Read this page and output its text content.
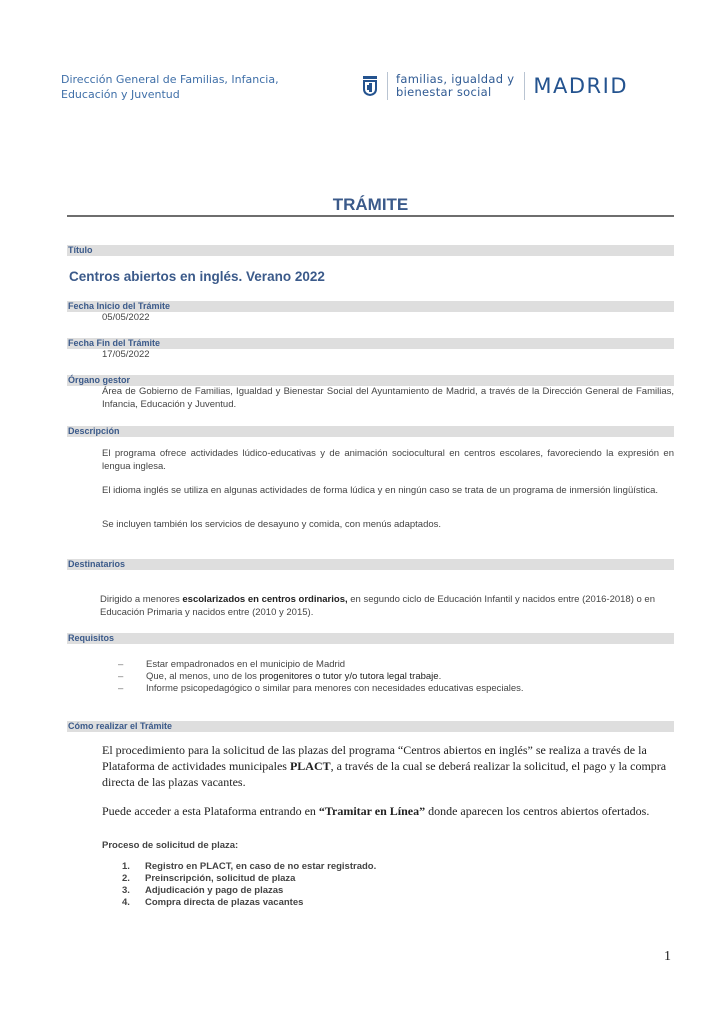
Dirección General de Familias, Infancia,
Educación y Juventud
familias, igualdad y
bienestar social	MADRID
TRÁMITE
Título
Centros abiertos en inglés. Verano 2022
Fecha Inicio del Trámite
05/05/2022
Fecha Fin del Trámite
17/05/2022
Órgano gestor
Área de Gobierno de Familias, Igualdad y Bienestar Social del Ayuntamiento de Madrid, a través de la Dirección General de Familias, Infancia, Educación y Juventud.
Descripción
El programa ofrece actividades lúdico-educativas y de animación sociocultural en centros escolares, favoreciendo la expresión en lengua inglesa.
El idioma inglés se utiliza en algunas actividades de forma lúdica y en ningún caso se trata de un programa de inmersión lingüística.
Se incluyen también los servicios de desayuno y comida, con menús adaptados.
Destinatarios
Dirigido a menores escolarizados en centros ordinarios, en segundo ciclo de Educación Infantil y nacidos entre (2016-2018) o en Educación Primaria y nacidos entre (2010 y 2015).
Requisitos
–	Estar empadronados en el municipio de Madrid
–	Que, al menos, uno de los progenitores o tutor y/o tutora legal trabaje.
–	Informe psicopedagógico o similar para menores con necesidades educativas especiales.
Cómo realizar el Trámite
El procedimiento para la solicitud de las plazas del programa “Centros abiertos en inglés” se realiza a través de la Plataforma de actividades municipales PLACT, a través de la cual se deberá realizar la solicitud, el pago y la compra directa de las plazas vacantes.
Puede acceder a esta Plataforma entrando en “Tramitar en Línea” donde aparecen los centros abiertos ofertados.
Proceso de solicitud de plaza:
1.	Registro en PLACT, en caso de no estar registrado.
2.	Preinscripción, solicitud de plaza
3.	Adjudicación y pago de plazas
4.	Compra directa de plazas vacantes
1
